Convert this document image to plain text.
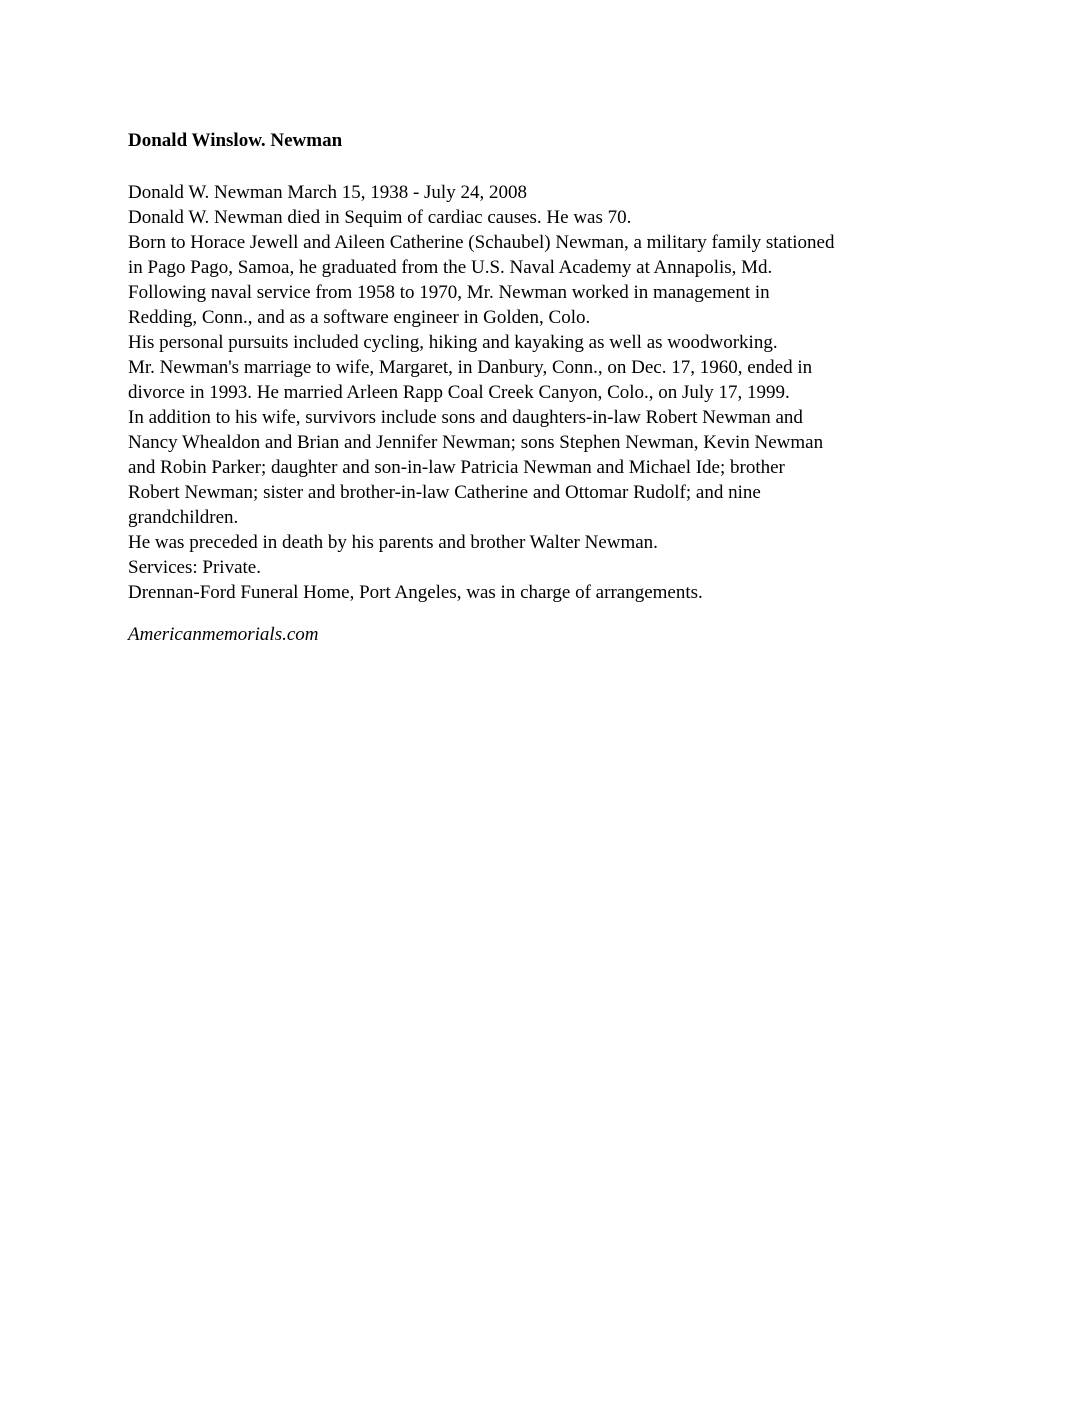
Donald Winslow. Newman
Donald W. Newman March 15, 1938 - July 24, 2008
Donald W. Newman died in Sequim of cardiac causes. He was 70.
Born to Horace Jewell and Aileen Catherine (Schaubel) Newman, a military family stationed
in Pago Pago, Samoa, he graduated from the U.S. Naval Academy at Annapolis, Md.
Following naval service from 1958 to 1970, Mr. Newman worked in management in
Redding, Conn., and as a software engineer in Golden, Colo.
His personal pursuits included cycling, hiking and kayaking as well as woodworking.
Mr. Newman's marriage to wife, Margaret, in Danbury, Conn., on Dec. 17, 1960, ended in
divorce in 1993. He married Arleen Rapp Coal Creek Canyon, Colo., on July 17, 1999.
In addition to his wife, survivors include sons and daughters-in-law Robert Newman and
Nancy Whealdon and Brian and Jennifer Newman; sons Stephen Newman, Kevin Newman
and Robin Parker; daughter and son-in-law Patricia Newman and Michael Ide; brother
Robert Newman; sister and brother-in-law Catherine and Ottomar Rudolf; and nine
grandchildren.
He was preceded in death by his parents and brother Walter Newman.
Services: Private.
Drennan-Ford Funeral Home, Port Angeles, was in charge of arrangements.
Americanmemorials.com
